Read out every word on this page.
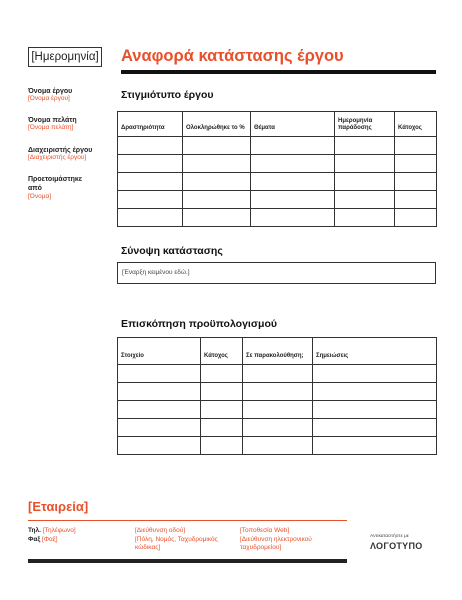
[Ημερομηνία] Αναφορά κατάστασης έργου
Όνομα έργου
[Όνομα έργου]
Όνομα πελάτη
[Όνομα πελάτη]
Διαχειριστής έργου
[Διαχειριστής έργου]
Προετοιμάστηκε από
[Όνομα]
Στιγμιότυπο έργου
Δραστηριότητα	Ολοκληρώθηκε το %	Θέματα	Ημερομηνία παράδοσης	Κάτοχος

Σύνοψη κατάστασης
[Έναρξη κειμένου εδώ.]
Επισκόπηση προϋπολογισμού
Στοιχείο	Κάτοχος	Σε παρακολούθηση;	Σημειώσεις

[Εταιρεία]
Τηλ. [Τηλέφωνο]
Φαξ [Φαξ]
[Διεύθυνση οδού]
[Πόλη, Νομός, Ταχυδρομικός κώδικας]
[Τοποθεσία Web]
[Διεύθυνση ηλεκτρονικού ταχυδρομείου]
Αντικαταστήστε με
ΛΟΓΟΤΥΠΟ
